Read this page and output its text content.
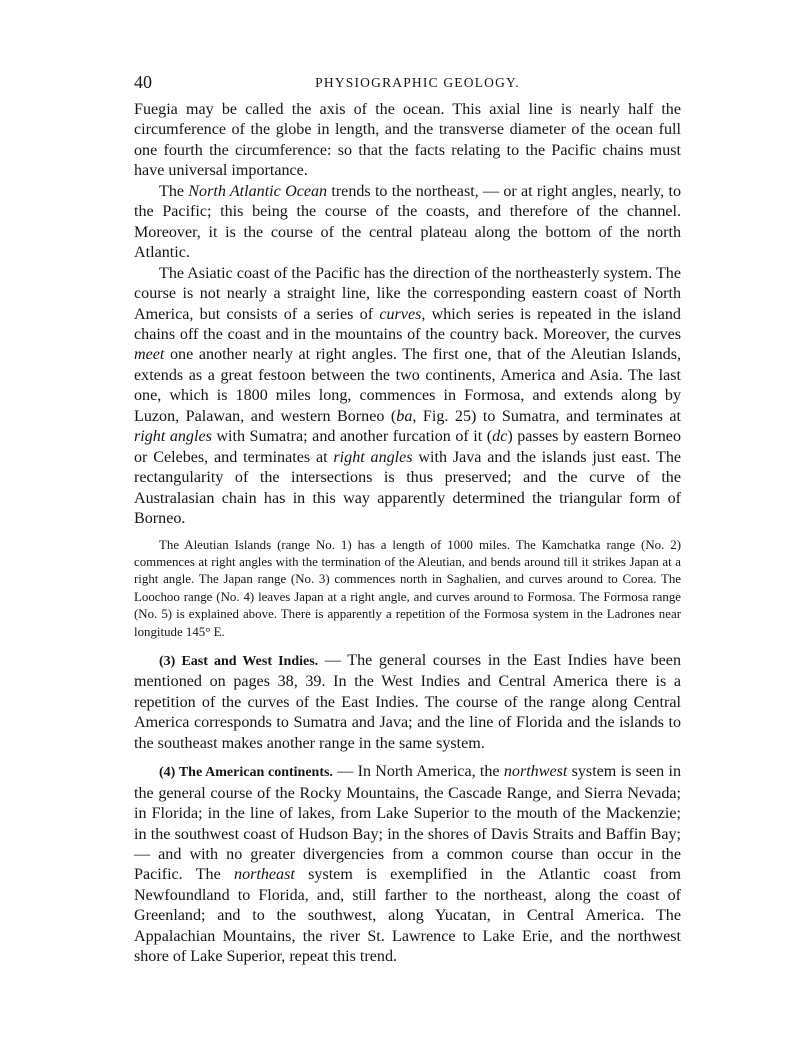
40	PHYSIOGRAPHIC GEOLOGY.

Fuegia may be called the axis of the ocean. This axial line is nearly half the circumference of the globe in length, and the transverse diameter of the ocean full one fourth the circumference: so that the facts relating to the Pacific chains must have universal importance.

The North Atlantic Ocean trends to the northeast, — or at right angles, nearly, to the Pacific; this being the course of the coasts, and therefore of the channel. Moreover, it is the course of the central plateau along the bottom of the north Atlantic.

The Asiatic coast of the Pacific has the direction of the northeasterly system. The course is not nearly a straight line, like the corresponding eastern coast of North America, but consists of a series of curves, which series is repeated in the island chains off the coast and in the mountains of the country back. Moreover, the curves meet one another nearly at right angles. The first one, that of the Aleutian Islands, extends as a great festoon between the two continents, America and Asia. The last one, which is 1800 miles long, commences in Formosa, and extends along by Luzon, Palawan, and western Borneo (ba, Fig. 25) to Sumatra, and terminates at right angles with Sumatra; and another furcation of it (dc) passes by eastern Borneo or Celebes, and terminates at right angles with Java and the islands just east. The rectangularity of the intersections is thus preserved; and the curve of the Australasian chain has in this way apparently determined the triangular form of Borneo.

The Aleutian Islands (range No. 1) has a length of 1000 miles. The Kamchatka range (No. 2) commences at right angles with the termination of the Aleutian, and bends around till it strikes Japan at a right angle. The Japan range (No. 3) commences north in Saghalien, and curves around to Corea. The Loochoo range (No. 4) leaves Japan at a right angle, and curves around to Formosa. The Formosa range (No. 5) is explained above. There is apparently a repetition of the Formosa system in the Ladrones near longitude 145° E.

(3) East and West Indies. — The general courses in the East Indies have been mentioned on pages 38, 39. In the West Indies and Central America there is a repetition of the curves of the East Indies. The course of the range along Central America corresponds to Sumatra and Java; and the line of Florida and the islands to the southeast makes another range in the same system.

(4) The American continents. — In North America, the northwest system is seen in the general course of the Rocky Mountains, the Cascade Range, and Sierra Nevada; in Florida; in the line of lakes, from Lake Superior to the mouth of the Mackenzie; in the southwest coast of Hudson Bay; in the shores of Davis Straits and Baffin Bay; — and with no greater divergencies from a common course than occur in the Pacific. The northeast system is exemplified in the Atlantic coast from Newfoundland to Florida, and, still farther to the northeast, along the coast of Greenland; and to the southwest, along Yucatan, in Central America. The Appalachian Mountains, the river St. Lawrence to Lake Erie, and the northwest shore of Lake Superior, repeat this trend.
